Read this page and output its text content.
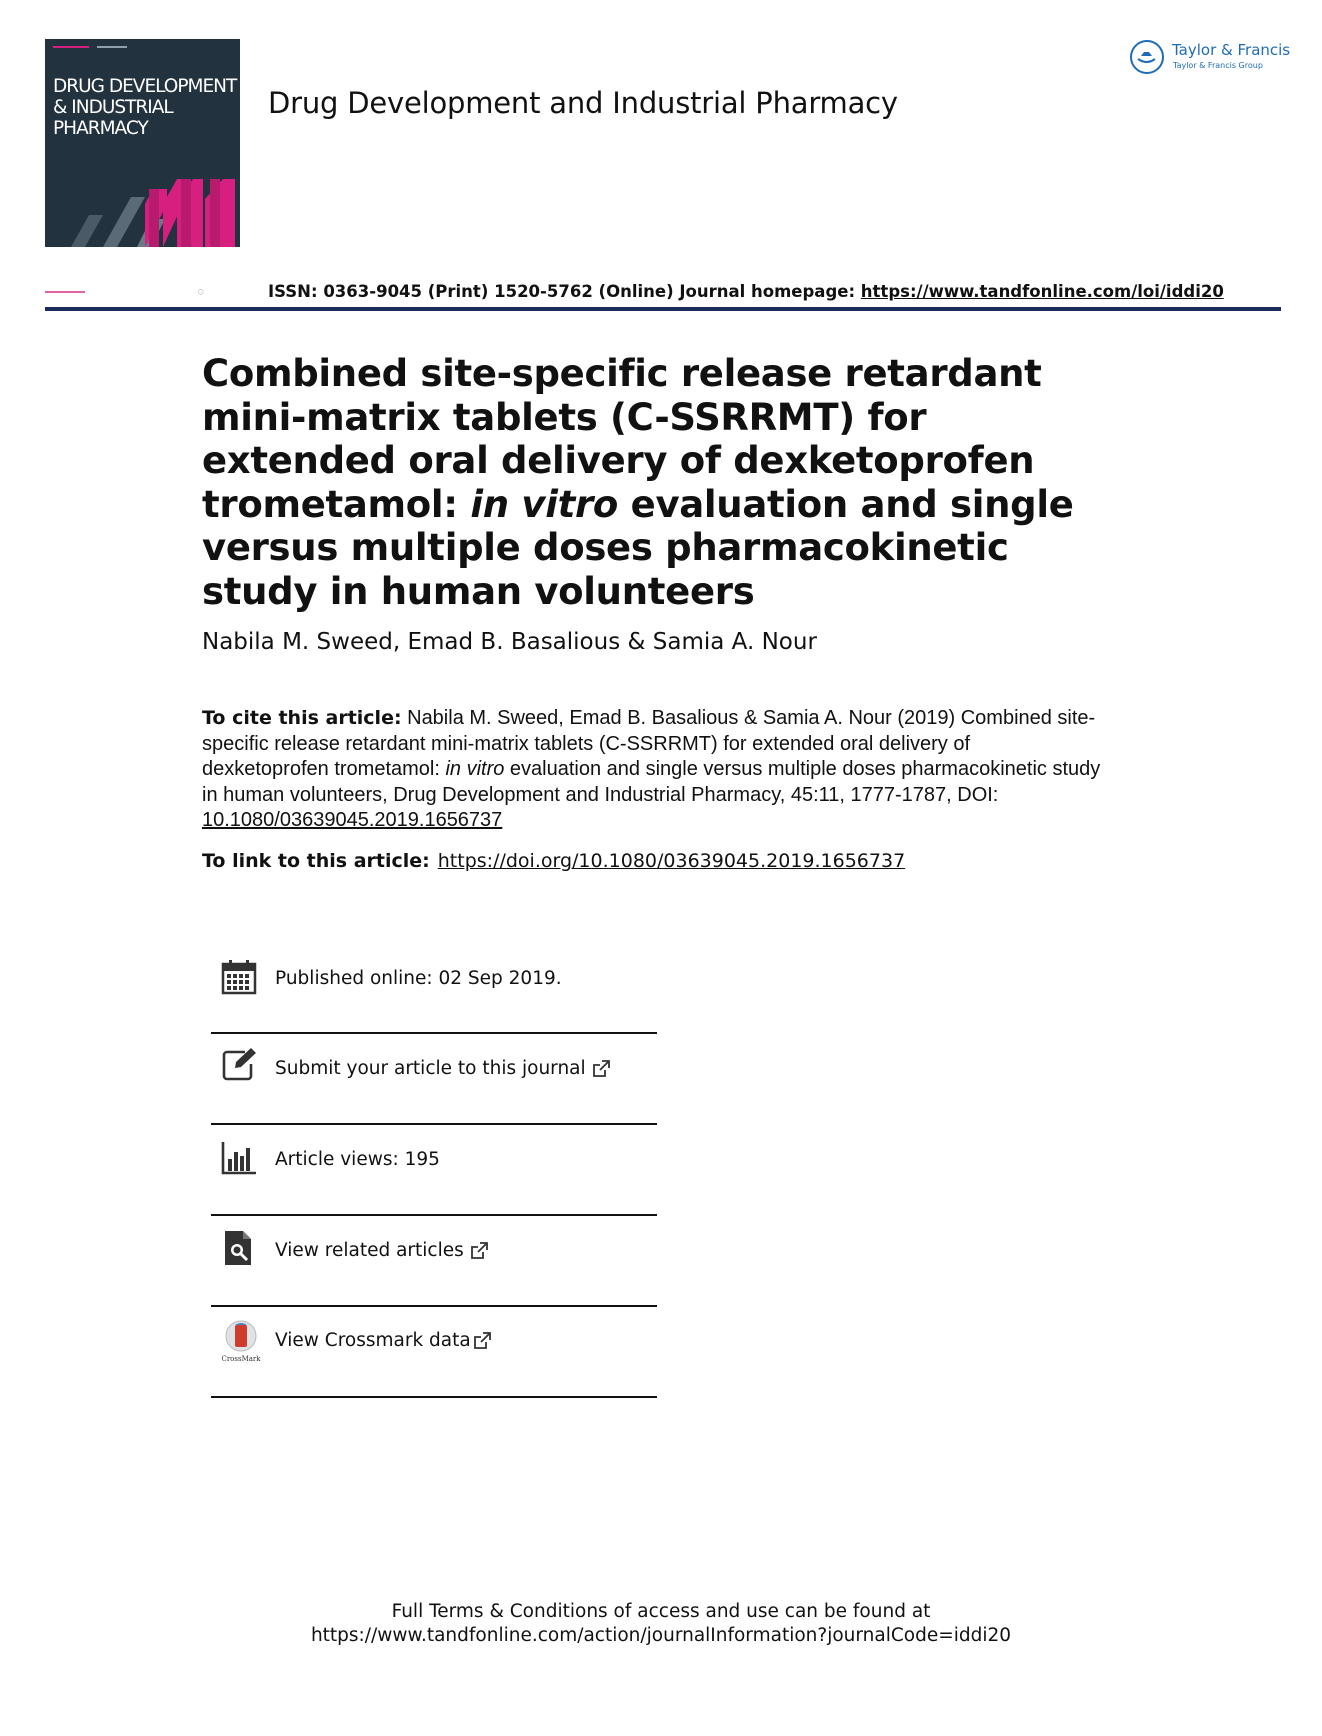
DRUG DEVELOPMENT
& INDUSTRIAL
PHARMACY
Drug Development and Industrial Pharmacy
Taylor & Francis
Taylor & Francis Group
◯	ISSN: 0363-9045 (Print) 1520-5762 (Online) Journal homepage: https://www.tandfonline.com/loi/iddi20
Combined site-specific release retardant mini-matrix tablets (C-SSRRMT) for extended oral delivery of dexketoprofen trometamol: in vitro evaluation and single versus multiple doses pharmacokinetic study in human volunteers
Nabila M. Sweed, Emad B. Basalious & Samia A. Nour
To cite this article: Nabila M. Sweed, Emad B. Basalious & Samia A. Nour (2019) Combined site-specific release retardant mini-matrix tablets (C-SSRRMT) for extended oral delivery of dexketoprofen trometamol: in vitro evaluation and single versus multiple doses pharmacokinetic study in human volunteers, Drug Development and Industrial Pharmacy, 45:11, 1777-1787, DOI: 10.1080/03639045.2019.1656737
To link to this article: https://doi.org/10.1080/03639045.2019.1656737
Published online: 02 Sep 2019.
Submit your article to this journal
Article views: 195
View related articles
CrossMark
View Crossmark data
Full Terms & Conditions of access and use can be found at
https://www.tandfonline.com/action/journalInformation?journalCode=iddi20
